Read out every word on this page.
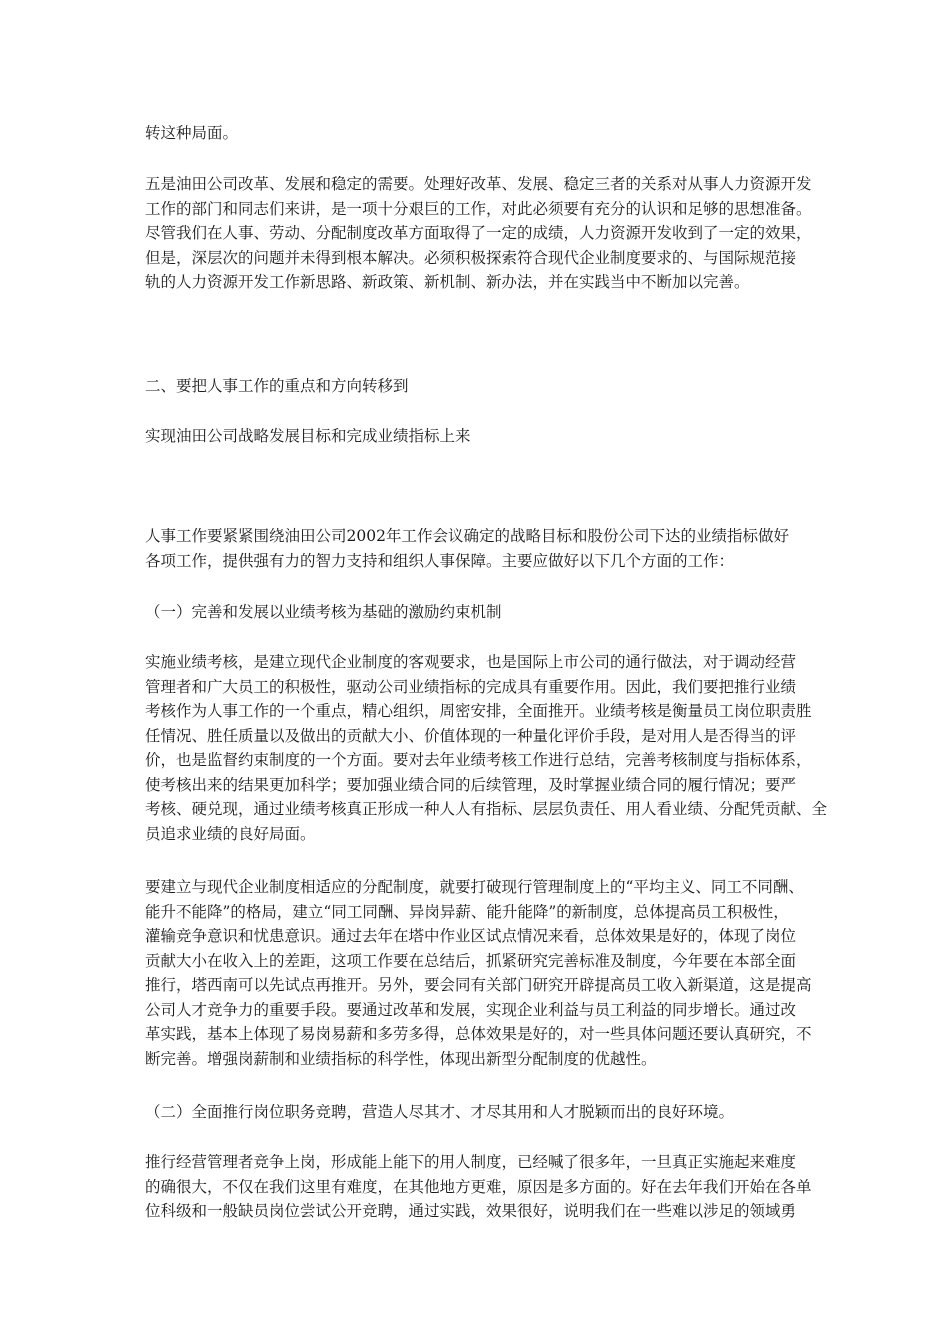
转这种局面。
五是油田公司改革、发展和稳定的需要。处理好改革、发展、稳定三者的关系对从事人力资源开发
工作的部门和同志们来讲，是一项十分艰巨的工作，对此必须要有充分的认识和足够的思想准备。
尽管我们在人事、劳动、分配制度改革方面取得了一定的成绩，人力资源开发收到了一定的效果，
但是，深层次的问题并未得到根本解决。必须积极探索符合现代企业制度要求的、与国际规范接
轨的人力资源开发工作新思路、新政策、新机制、新办法，并在实践当中不断加以完善。
二、要把人事工作的重点和方向转移到
实现油田公司战略发展目标和完成业绩指标上来
人事工作要紧紧围绕油田公司2002年工作会议确定的战略目标和股份公司下达的业绩指标做好
各项工作，提供强有力的智力支持和组织人事保障。主要应做好以下几个方面的工作：
（一）完善和发展以业绩考核为基础的激励约束机制
实施业绩考核，是建立现代企业制度的客观要求，也是国际上市公司的通行做法，对于调动经营
管理者和广大员工的积极性，驱动公司业绩指标的完成具有重要作用。因此，我们要把推行业绩
考核作为人事工作的一个重点，精心组织，周密安排，全面推开。业绩考核是衡量员工岗位职责胜
任情况、胜任质量以及做出的贡献大小、价值体现的一种量化评价手段，是对用人是否得当的评
价，也是监督约束制度的一个方面。要对去年业绩考核工作进行总结，完善考核制度与指标体系，
使考核出来的结果更加科学；要加强业绩合同的后续管理，及时掌握业绩合同的履行情况；要严
考核、硬兑现，通过业绩考核真正形成一种人人有指标、层层负责任、用人看业绩、分配凭贡献、全
员追求业绩的良好局面。
要建立与现代企业制度相适应的分配制度，就要打破现行管理制度上的“平均主义、同工不同酬、
能升不能降”的格局，建立“同工同酬、异岗异薪、能升能降”的新制度，总体提高员工积极性，
灌输竞争意识和忧患意识。通过去年在塔中作业区试点情况来看，总体效果是好的，体现了岗位
贡献大小在收入上的差距，这项工作要在总结后，抓紧研究完善标准及制度，今年要在本部全面
推行，塔西南可以先试点再推开。另外，要会同有关部门研究开辟提高员工收入新渠道，这是提高
公司人才竞争力的重要手段。要通过改革和发展，实现企业利益与员工利益的同步增长。通过改
革实践，基本上体现了易岗易薪和多劳多得，总体效果是好的，对一些具体问题还要认真研究，不
断完善。增强岗薪制和业绩指标的科学性，体现出新型分配制度的优越性。
（二）全面推行岗位职务竞聘，营造人尽其才、才尽其用和人才脱颖而出的良好环境。
推行经营管理者竞争上岗，形成能上能下的用人制度，已经喊了很多年，一旦真正实施起来难度
的确很大，不仅在我们这里有难度，在其他地方更难，原因是多方面的。好在去年我们开始在各单
位科级和一般缺员岗位尝试公开竞聘，通过实践，效果很好，说明我们在一些难以涉足的领域勇
